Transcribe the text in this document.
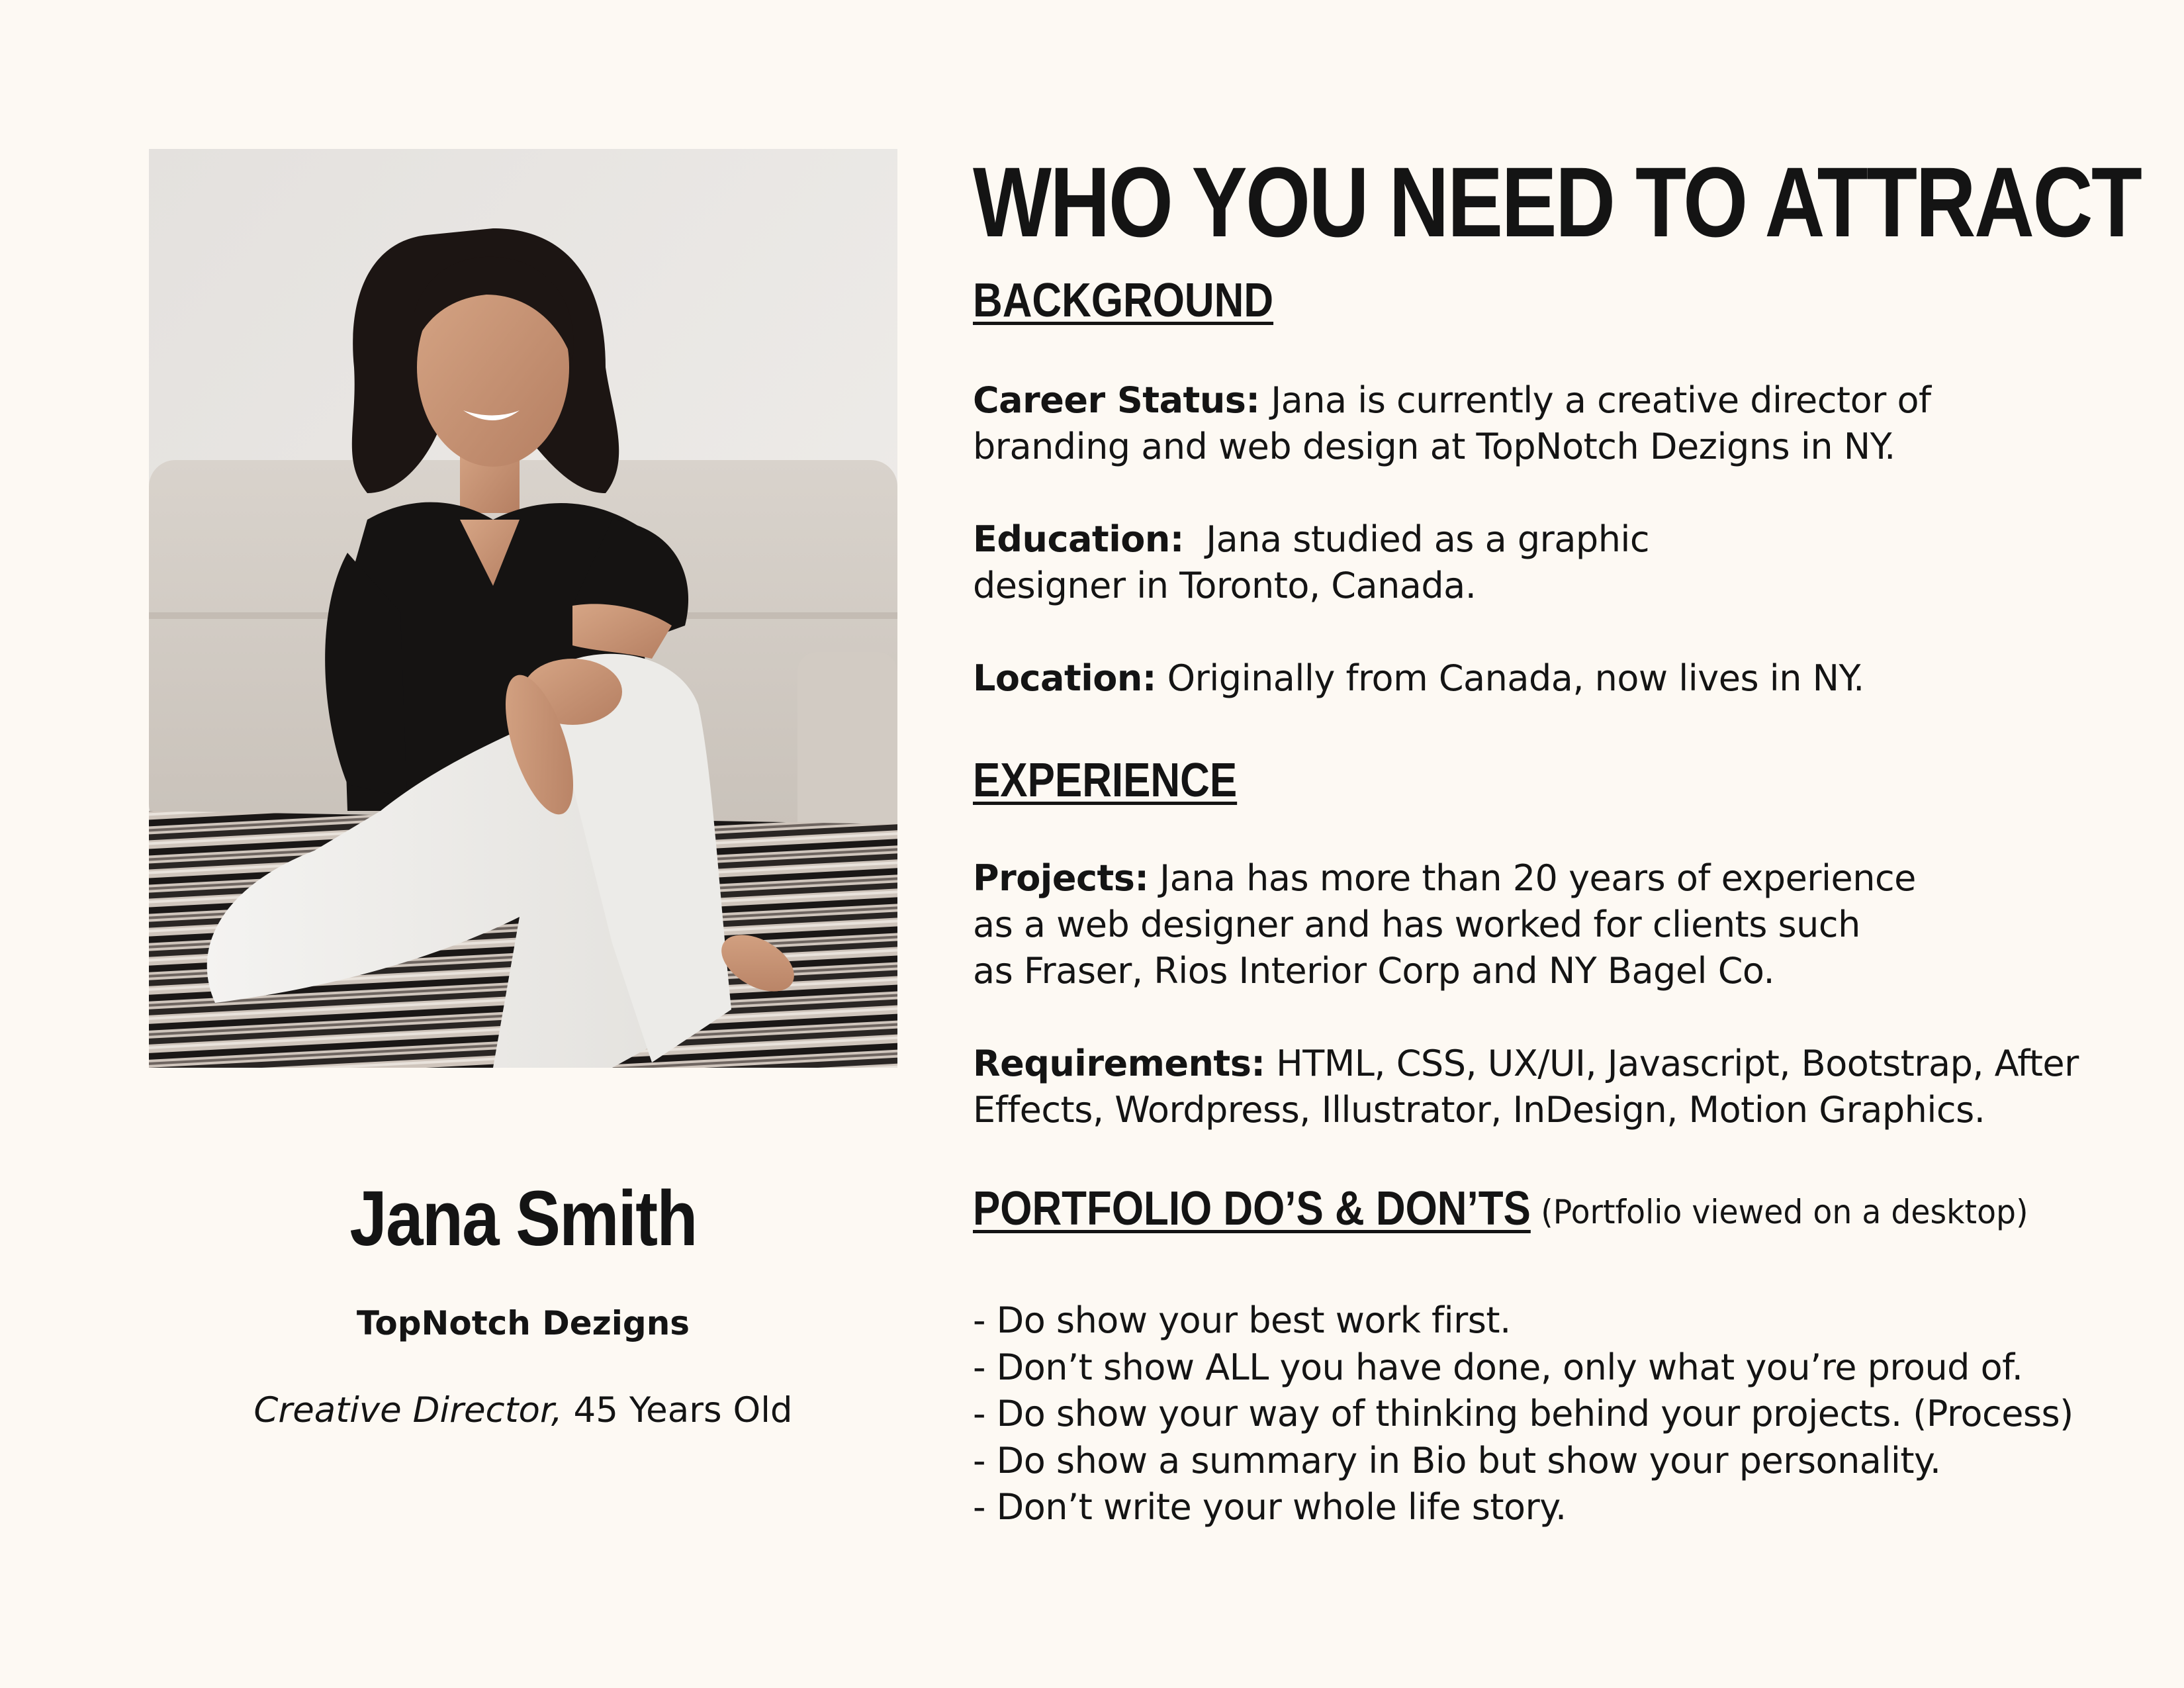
Jana Smith
TopNotch Dezigns
Creative Director, 45 Years Old
WHO YOU NEED TO ATTRACT
BACKGROUND

Career Status: Jana is currently a creative director of
branding and web design at TopNotch Dezigns in NY.

Education:  Jana studied as a graphic
designer in Toronto, Canada.

Location: Originally from Canada, now lives in NY.

EXPERIENCE

Projects: Jana has more than 20 years of experience
as a web designer and has worked for clients such
as Fraser, Rios Interior Corp and NY Bagel Co.

Requirements: HTML, CSS, UX/UI, Javascript, Bootstrap, After
Effects, Wordpress, Illustrator, InDesign, Motion Graphics.

PORTFOLIO DO’S & DON’TS (Portfolio viewed on a desktop)
- Do show your best work first.
- Don’t show ALL you have done, only what you’re proud of.
- Do show your way of thinking behind your projects. (Process)
- Do show a summary in Bio but show your personality.
- Don’t write your whole life story.
